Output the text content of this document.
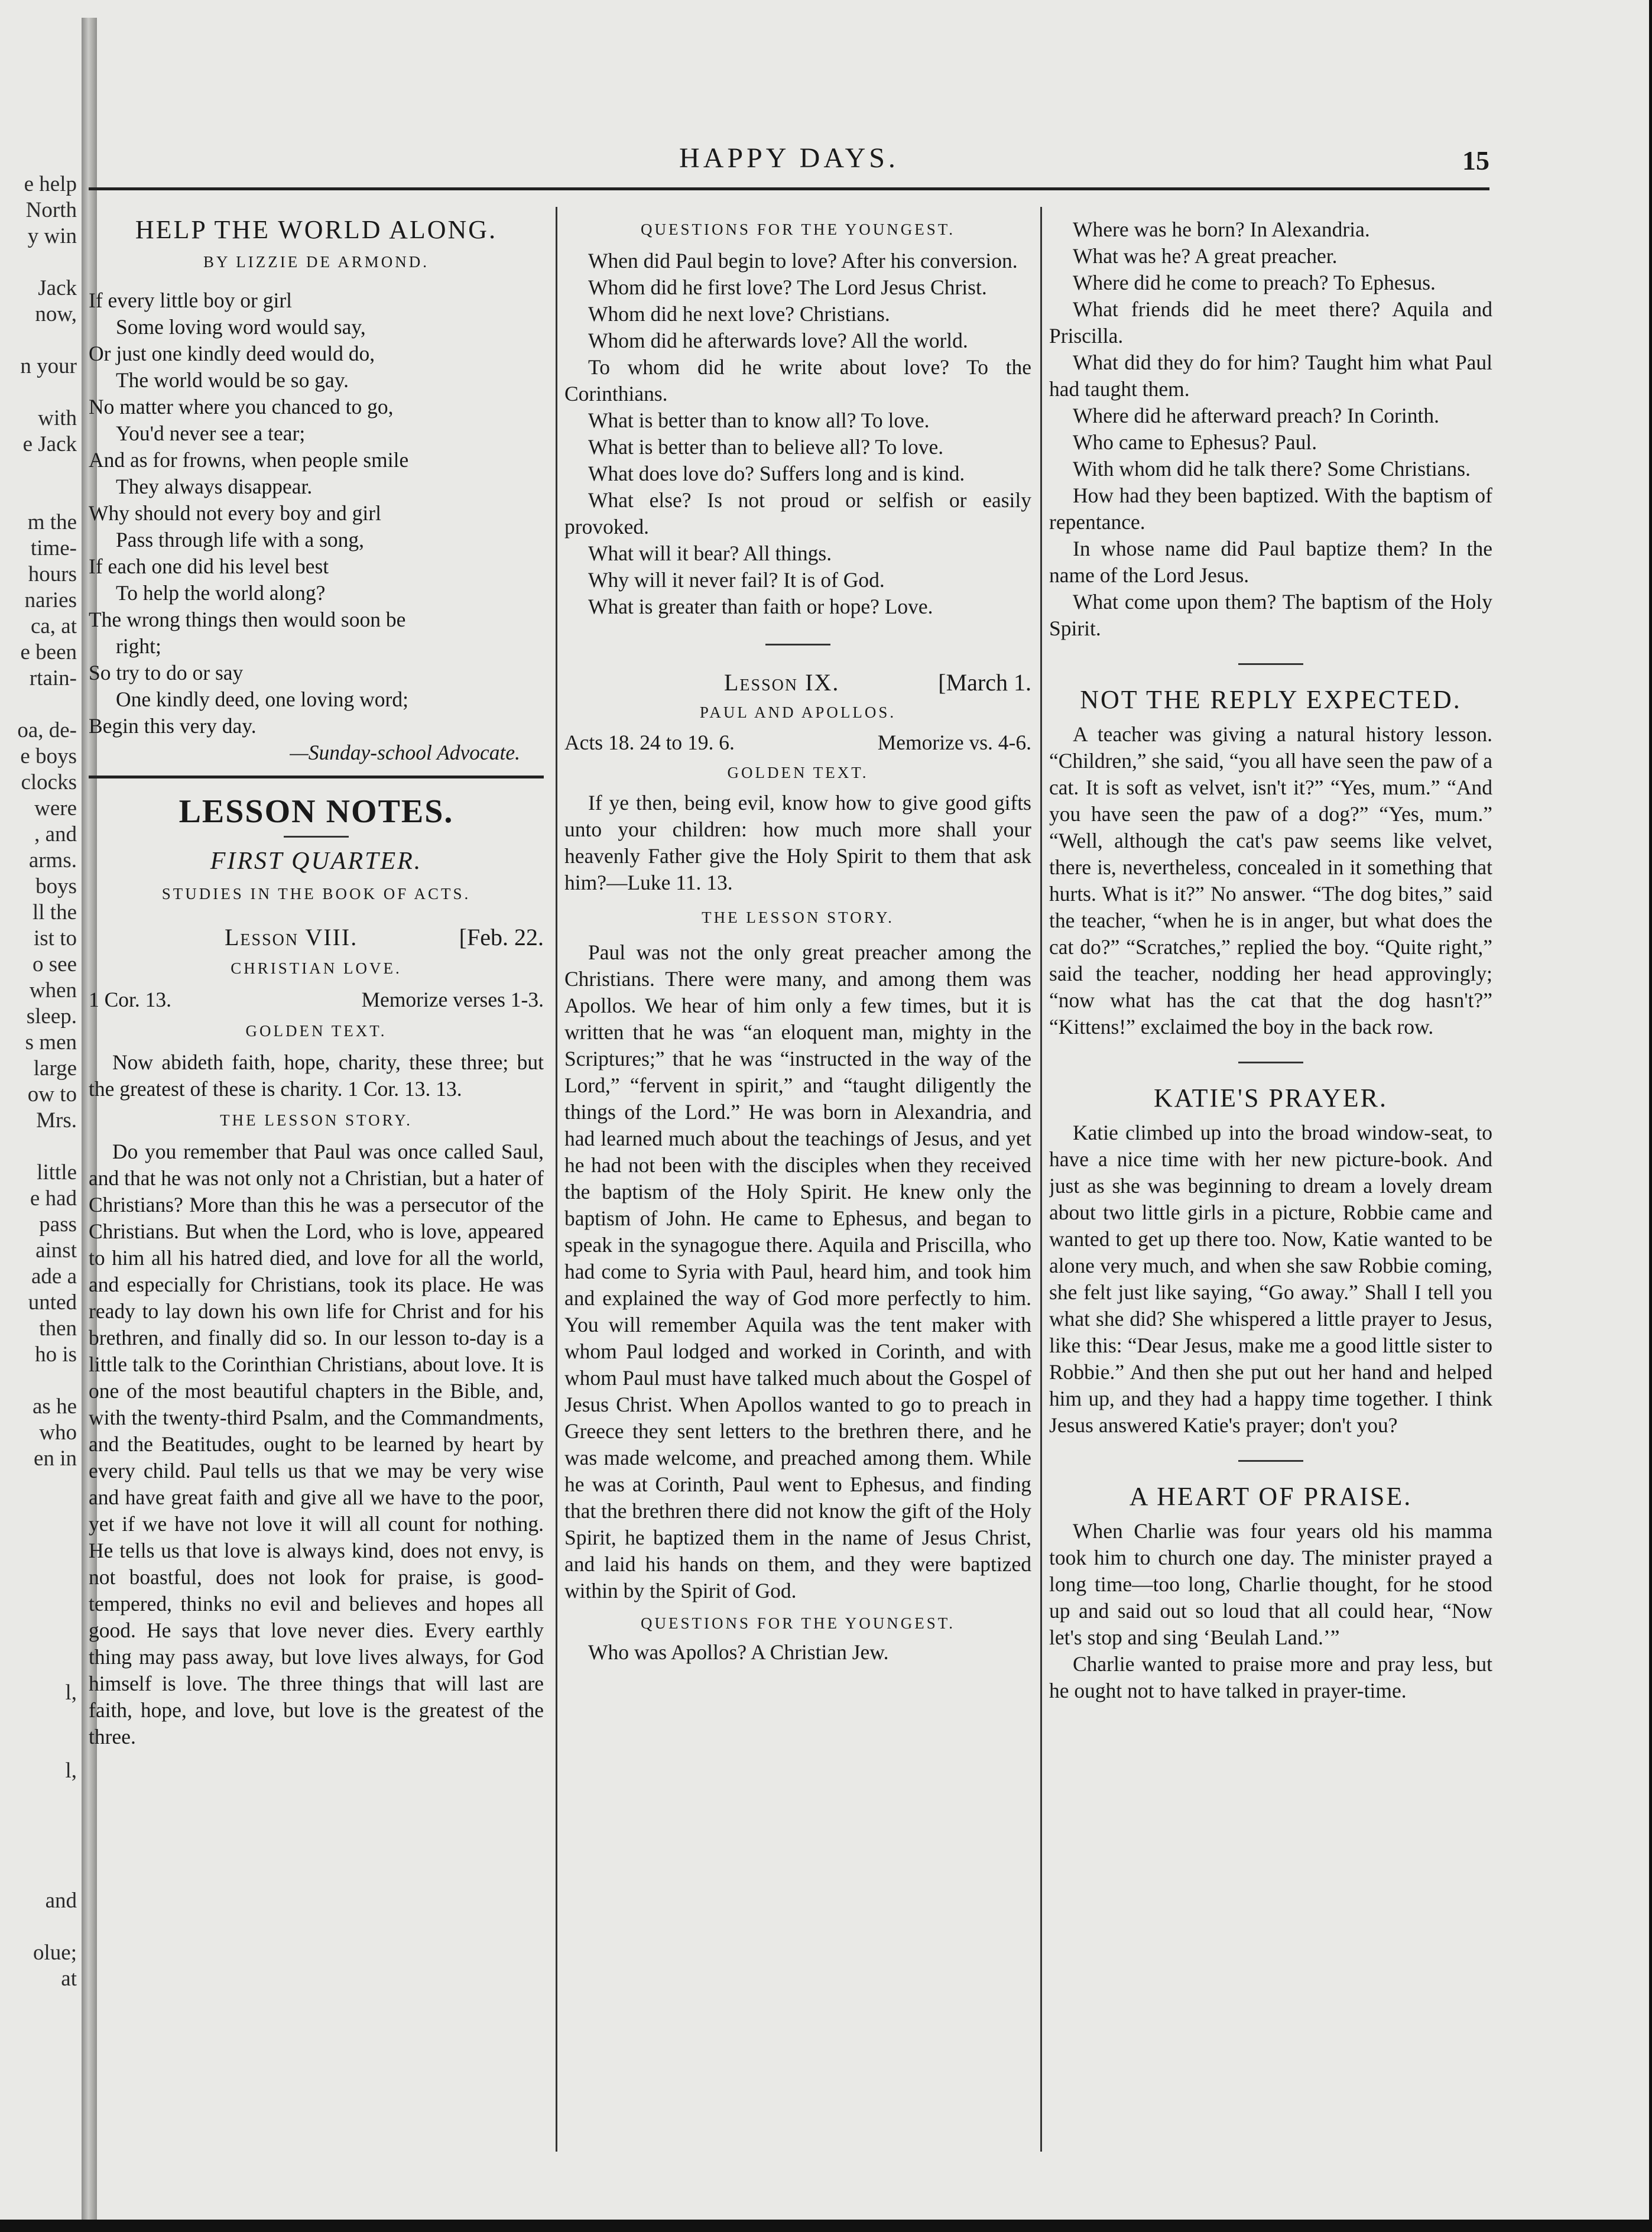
e help
North
y win
Jack
now,
n your
with
e Jack
m the
time-
hours
naries
ca, at
e been
rtain-
oa, de-
e boys
clocks
were
, and
arms.
boys
ll the
ist to
o see
when
sleep.
s men
large
ow to
Mrs.
little
e had
pass
ainst
ade a
unted
then
ho is
as he
who
en in
l,
l,
and
olue;
at
HAPPY DAYS.	15
HELP THE WORLD ALONG.
BY LIZZIE DE ARMOND.
If every little boy or girl
Some loving word would say,
Or just one kindly deed would do,
The world would be so gay.
No matter where you chanced to go,
You'd never see a tear;
And as for frowns, when people smile
They always disappear.
Why should not every boy and girl
Pass through life with a song,
If each one did his level best
To help the world along?
The wrong things then would soon be
right;
So try to do or say
One kindly deed, one loving word;
Begin this very day.
—Sunday-school Advocate.
LESSON NOTES.
FIRST QUARTER.
STUDIES IN THE BOOK OF ACTS.
Lesson VIII.	[Feb. 22.
CHRISTIAN LOVE.
1 Cor. 13.	Memorize verses 1-3.
GOLDEN TEXT.

Now abideth faith, hope, charity, these three; but the greatest of these is charity. 1 Cor. 13. 13.

THE LESSON STORY.

Do you remember that Paul was once called Saul, and that he was not only not a Christian, but a hater of Christians? More than this he was a persecutor of the Christians. But when the Lord, who is love, appeared to him all his hatred died, and love for all the world, and especially for Christians, took its place. He was ready to lay down his own life for Christ and for his brethren, and finally did so. In our lesson to-day is a little talk to the Corinthian Christians, about love. It is one of the most beautiful chapters in the Bible, and, with the twenty-third Psalm, and the Commandments, and the Beatitudes, ought to be learned by heart by every child. Paul tells us that we may be very wise and have great faith and give all we have to the poor, yet if we have not love it will all count for nothing. He tells us that love is always kind, does not envy, is not boastful, does not look for praise, is good-tempered, thinks no evil and believes and hopes all good. He says that love never dies. Every earthly thing may pass away, but love lives always, for God himself is love. The three things that will last are faith, hope, and love, but love is the greatest of the three.

QUESTIONS FOR THE YOUNGEST.

When did Paul begin to love? After his conversion.

Whom did he first love? The Lord Jesus Christ.

Whom did he next love? Christians.

Whom did he afterwards love? All the world.

To whom did he write about love? To the Corinthians.

What is better than to know all? To love.

What is better than to believe all? To love.

What does love do? Suffers long and is kind.

What else? Is not proud or selfish or easily provoked.

What will it bear? All things.

Why will it never fail? It is of God.

What is greater than faith or hope? Love.

Lesson IX.	[March 1.
PAUL AND APOLLOS.
Acts 18. 24 to 19. 6.	Memorize vs. 4-6.
GOLDEN TEXT.

If ye then, being evil, know how to give good gifts unto your children: how much more shall your heavenly Father give the Holy Spirit to them that ask him?—Luke 11. 13.

THE LESSON STORY.

Paul was not the only great preacher among the Christians. There were many, and among them was Apollos. We hear of him only a few times, but it is written that he was “an eloquent man, mighty in the Scriptures;” that he was “instructed in the way of the Lord,” “fervent in spirit,” and “taught diligently the things of the Lord.” He was born in Alexandria, and had learned much about the teachings of Jesus, and yet he had not been with the disciples when they received the baptism of the Holy Spirit. He knew only the baptism of John. He came to Ephesus, and began to speak in the synagogue there. Aquila and Priscilla, who had come to Syria with Paul, heard him, and took him and explained the way of God more perfectly to him. You will remember Aquila was the tent maker with whom Paul lodged and worked in Corinth, and with whom Paul must have talked much about the Gospel of Jesus Christ. When Apollos wanted to go to preach in Greece they sent letters to the brethren there, and he was made welcome, and preached among them. While he was at Corinth, Paul went to Ephesus, and finding that the brethren there did not know the gift of the Holy Spirit, he baptized them in the name of Jesus Christ, and laid his hands on them, and they were baptized within by the Spirit of God.

QUESTIONS FOR THE YOUNGEST.

Who was Apollos? A Christian Jew.

Where was he born? In Alexandria.

What was he? A great preacher.

Where did he come to preach? To Ephesus.

What friends did he meet there? Aquila and Priscilla.

What did they do for him? Taught him what Paul had taught them.

Where did he afterward preach? In Corinth.

Who came to Ephesus? Paul.

With whom did he talk there? Some Christians.

How had they been baptized. With the baptism of repentance.

In whose name did Paul baptize them? In the name of the Lord Jesus.

What come upon them? The baptism of the Holy Spirit.

NOT THE REPLY EXPECTED.

A teacher was giving a natural history lesson. “Children,” she said, “you all have seen the paw of a cat. It is soft as velvet, isn't it?” “Yes, mum.” “And you have seen the paw of a dog?” “Yes, mum.” “Well, although the cat's paw seems like velvet, there is, nevertheless, concealed in it something that hurts. What is it?” No answer. “The dog bites,” said the teacher, “when he is in anger, but what does the cat do?” “Scratches,” replied the boy. “Quite right,” said the teacher, nodding her head approvingly; “now what has the cat that the dog hasn't?” “Kittens!” exclaimed the boy in the back row.

KATIE'S PRAYER.

Katie climbed up into the broad window-seat, to have a nice time with her new picture-book. And just as she was beginning to dream a lovely dream about two little girls in a picture, Robbie came and wanted to get up there too. Now, Katie wanted to be alone very much, and when she saw Robbie coming, she felt just like saying, “Go away.” Shall I tell you what she did? She whispered a little prayer to Jesus, like this: “Dear Jesus, make me a good little sister to Robbie.” And then she put out her hand and helped him up, and they had a happy time together. I think Jesus answered Katie's prayer; don't you?

A HEART OF PRAISE.

When Charlie was four years old his mamma took him to church one day. The minister prayed a long time—too long, Charlie thought, for he stood up and said out so loud that all could hear, “Now let's stop and sing ‘Beulah Land.’”

Charlie wanted to praise more and pray less, but he ought not to have talked in prayer-time.
